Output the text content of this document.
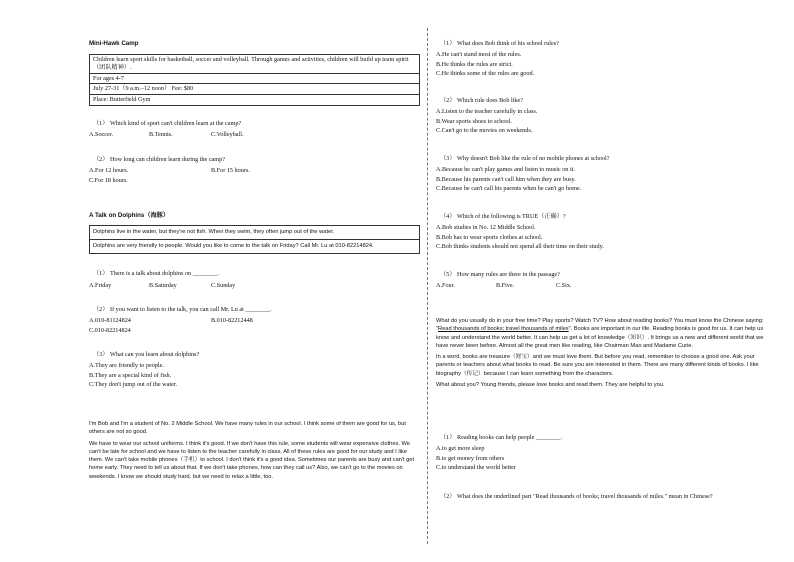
Mini-Hawk Camp
Children learn sport skills for basketball, soccer and volleyball. Through games and activities, children will build up team spirit（团队精神）.
For ages 4-7
July 27-31（9 a.m.–12 noon） Fee: $80
Place: Butterfield Gym
（1） Which kind of sport can't children learn at the camp?
A.Soccer.	B.Tennis.	C.Volleyball.
（2） How long can children learn during the camp?
A.For 12 hours.	B.For 15 hours.
C.For 18 hours.
A Talk on Dolphins（海豚）
Dolphins live in the water, but they're not fish. When they swim, they often jump out of the water.
Dolphins are very friendly to people. Would you like to come to the talk on Friday? Call Mr. Lu at 010-82214824.
（1） There is a talk about dolphins on ________.
A.Friday	B.Saturday	C.Sunday
（2） If you want to listen to the talk, you can call Mr. Lu at ________.
A.010-81124824	B.010-82212448
C.010-82214824
（3） What can you learn about dolphins?
A.They are friendly to people.
B.They are a special kind of fish.
C.They don't jump out of the water.

I'm Bob and I'm a student of No. 2 Middle School. We have many rules in our school. I think some of them are good for us, but others are not so good.

We have to wear our school uniforms. I think it's good. If we don't have this rule, some students will wear expensive clothes. We can't be late for school and we have to listen to the teacher carefully in class. All of these rules are good for our study and I like them. We can't take mobile phones（手机）to school. I don't think it's a good idea. Sometimes our parents are busy and can't get home early. They need to tell us about that. If we don't take phones, how can they call us? Also, we can't go to the movies on weekends. I know we should study hard, but we need to relax a little, too.

（1） What does Bob think of his school rules?
A.He can't stand most of the rules.
B.He thinks the rules are strict.
C.He thinks some of the rules are good.
（2） Which rule does Bob like?
A.Listen to the teacher carefully in class.
B.Wear sports shoes to school.
C.Can't go to the movies on weekends.
（3） Why doesn't Bob like the rule of no mobile phones at school?
A.Because he can't play games and listen to music on it.
B.Because his parents can't call him when they are busy.
C.Because he can't call his parents when he can't go home.
（4） Which of the following is TRUE（正确）?
A.Bob studies in No. 12 Middle School.
B.Bob has to wear sports clothes at school.
C.Bob thinks students should not spend all their time on their study.
（5） How many rules are there in the passage?
A.Four.	B.Five.	C.Six.

What do you usually do in your free time? Play sports? Watch TV? How about reading books? You must know the Chinese saying: "Read thousands of books; travel thousands of miles". Books are important in our life. Reading books is good for us. It can help us know and understand the world better. It can help us get a lot of knowledge（知识）. It brings us a new and different world that we have never been before. Almost all the great men like reading, like Chairman Mao and Madame Curie.

In a word, books are treasure（财宝）and we must love them. But before you read, remember to choose a good one. Ask your parents or teachers about what books to read. Be sure you are interested in them. There are many different kinds of books. I like biography（传记）because I can learn something from the characters.

What about you? Young friends, please love books and read them. They are helpful to you.

（1） Reading books can help people ________.
A.to get more sleep
B.to get money from others
C.to understand the world better
（2） What does the underlined part "Read thousands of books; travel thousands of miles." mean in Chinese?
